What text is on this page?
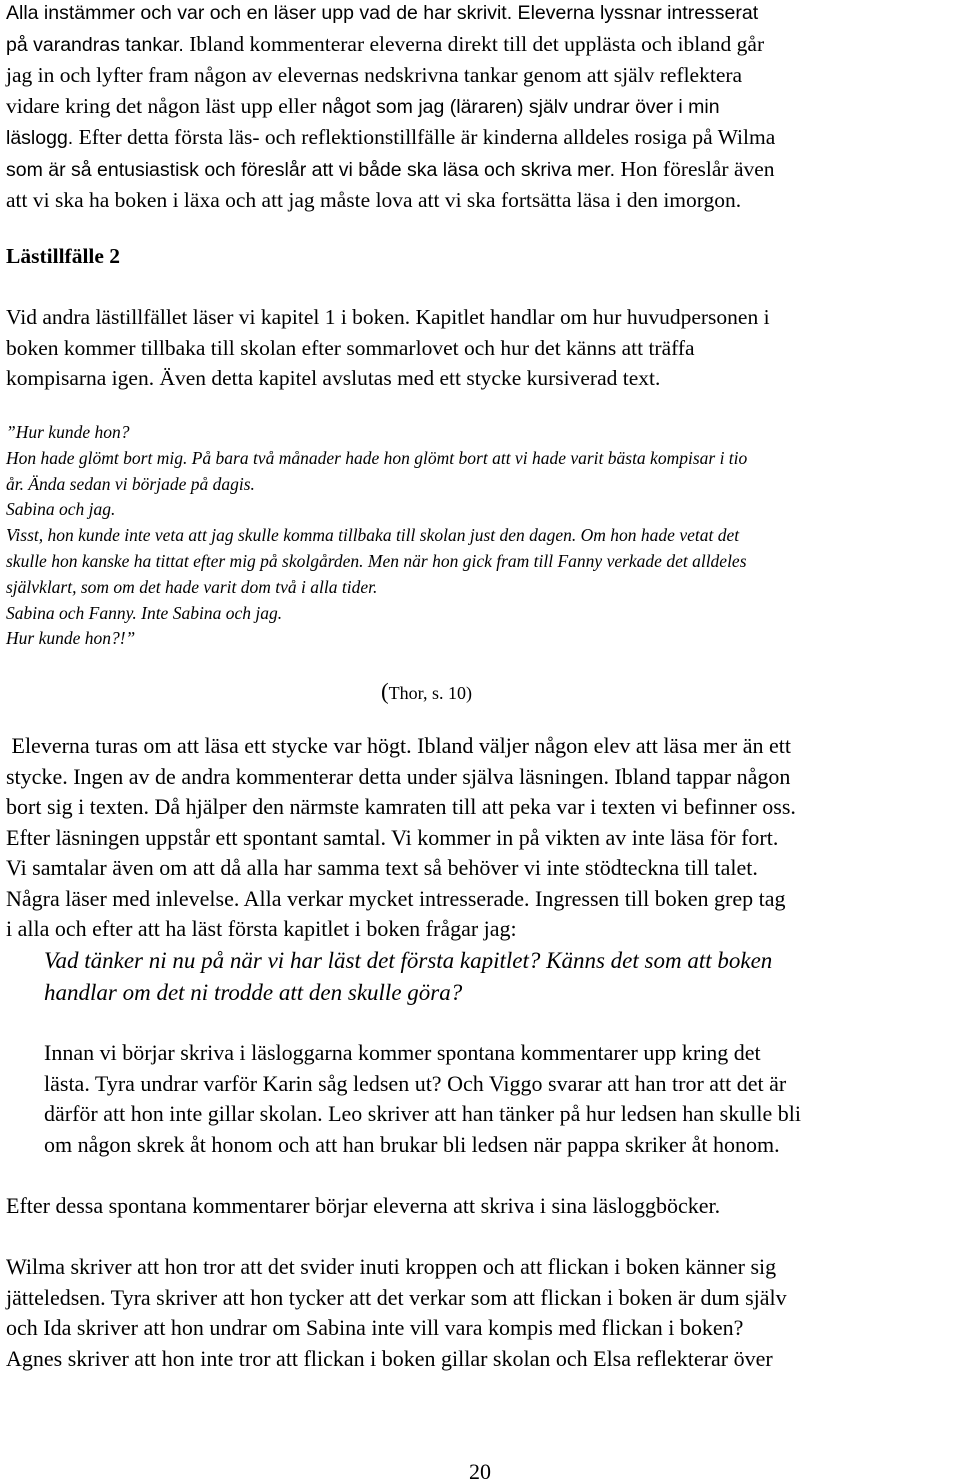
Alla instämmer och var och en läser upp vad de har skrivit. Eleverna lyssnar intresserat
på varandras tankar. Ibland kommenterar eleverna direkt till det upplästa och ibland går
jag in och lyfter fram någon av elevernas nedskrivna tankar genom att själv reflektera
vidare kring det någon läst upp eller något som jag (läraren) själv undrar över i min
läslogg. Efter detta första läs- och reflektionstillfälle är kinderna alldeles rosiga på Wilma
som är så entusiastisk och föreslår att vi både ska läsa och skriva mer. Hon föreslår även
att vi ska ha boken i läxa och att jag måste lova att vi ska fortsätta läsa i den imorgon.
Lästillfälle 2
Vid andra lästillfället läser vi kapitel 1 i boken. Kapitlet handlar om hur huvudpersonen i
boken kommer tillbaka till skolan efter sommarlovet och hur det känns att träffa
kompisarna igen. Även detta kapitel avslutas med ett stycke kursiverad text.
”Hur kunde hon?
Hon hade glömt bort mig. På bara två månader hade hon glömt bort att vi hade varit bästa kompisar i tio
år. Ända sedan vi började på dagis.
Sabina och jag.
Visst, hon kunde inte veta att jag skulle komma tillbaka till skolan just den dagen. Om hon hade vetat det
skulle hon kanske ha tittat efter mig på skolgården. Men när hon gick fram till Fanny verkade det alldeles
självklart, som om det hade varit dom två i alla tider.
Sabina och Fanny. Inte Sabina och jag.
Hur kunde hon?!”
(Thor, s. 10)
Eleverna turas om att läsa ett stycke var högt. Ibland väljer någon elev att läsa mer än ett
stycke. Ingen av de andra kommenterar detta under själva läsningen. Ibland tappar någon
bort sig i texten. Då hjälper den närmste kamraten till att peka var i texten vi befinner oss.
Efter läsningen uppstår ett spontant samtal. Vi kommer in på vikten av inte läsa för fort.
Vi samtalar även om att då alla har samma text så behöver vi inte stödteckna till talet.
Några läser med inlevelse. Alla verkar mycket intresserade. Ingressen till boken grep tag
i alla och efter att ha läst första kapitlet i boken frågar jag:
Vad tänker ni nu på när vi har läst det första kapitlet? Känns det som att boken
handlar om det ni trodde att den skulle göra?
Innan vi börjar skriva i läsloggarna kommer spontana kommentarer upp kring det
lästa. Tyra undrar varför Karin såg ledsen ut? Och Viggo svarar att han tror att det är
därför att hon inte gillar skolan. Leo skriver att han tänker på hur ledsen han skulle bli
om någon skrek åt honom och att han brukar bli ledsen när pappa skriker åt honom.
Efter dessa spontana kommentarer börjar eleverna att skriva i sina läsloggböcker.
Wilma skriver att hon tror att det svider inuti kroppen och att flickan i boken känner sig
jätteledsen. Tyra skriver att hon tycker att det verkar som att flickan i boken är dum själv
och Ida skriver att hon undrar om Sabina inte vill vara kompis med flickan i boken?
Agnes skriver att hon inte tror att flickan i boken gillar skolan och Elsa reflekterar över
20
